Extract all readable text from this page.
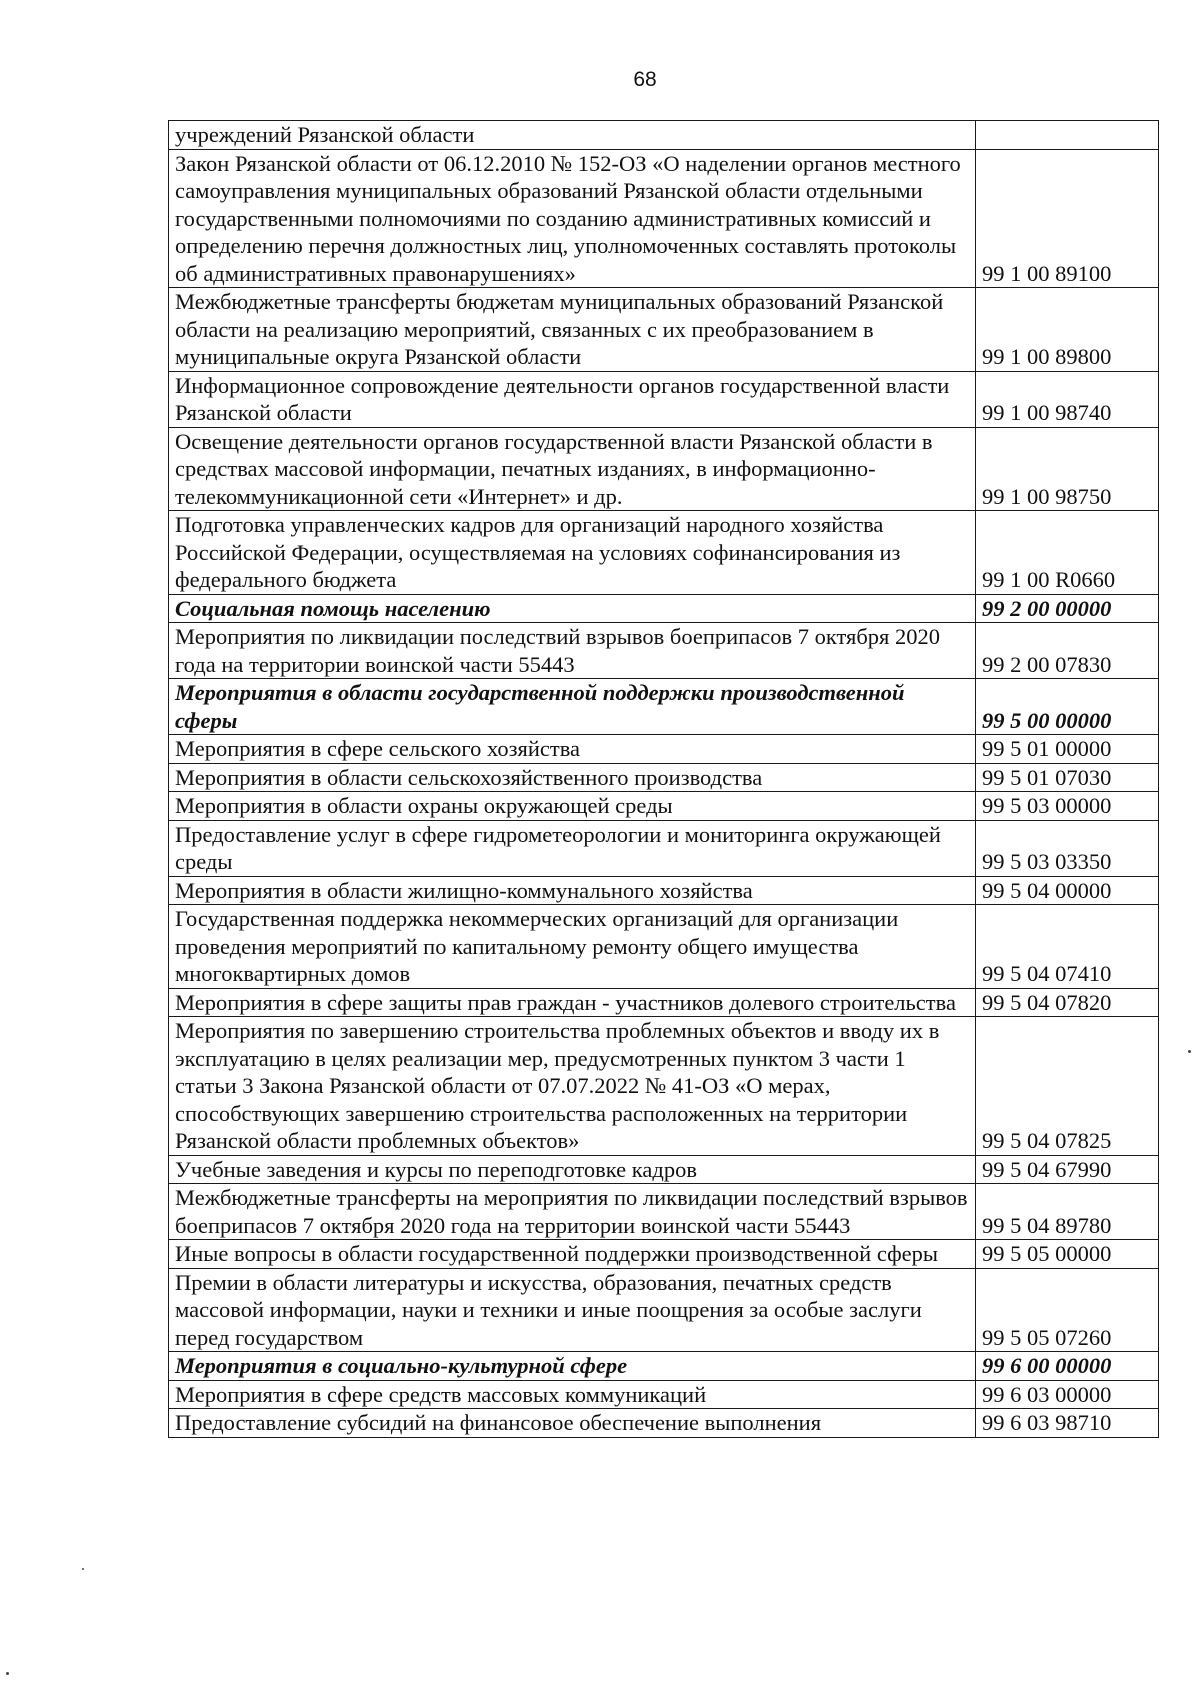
68
учреждений Рязанской области	
Закон Рязанской области от 06.12.2010 № 152-ОЗ «О наделении органов местного самоуправления муниципальных образований Рязанской области отдельными государственными полномочиями по созданию административных комиссий и определению перечня должностных лиц, уполномоченных составлять протоколы об административных правонарушениях»	99 1 00 89100
Межбюджетные трансферты бюджетам муниципальных образований Рязанской области на реализацию мероприятий, связанных с их преобразованием в муниципальные округа Рязанской области	99 1 00 89800
Информационное сопровождение деятельности органов государственной власти Рязанской области	99 1 00 98740
Освещение деятельности органов государственной власти Рязанской области в средствах массовой информации, печатных изданиях, в информационно-телекоммуникационной сети «Интернет» и др.	99 1 00 98750
Подготовка управленческих кадров для организаций народного хозяйства Российской Федерации, осуществляемая на условиях софинансирования из федерального бюджета	99 1 00 R0660
Социальная помощь населению	99 2 00 00000
Мероприятия по ликвидации последствий взрывов боеприпасов 7 октября 2020 года на территории воинской части 55443	99 2 00 07830
Мероприятия в области государственной поддержки производственной сферы	99 5 00 00000
Мероприятия в сфере сельского хозяйства	99 5 01 00000
Мероприятия в области сельскохозяйственного производства	99 5 01 07030
Мероприятия в области охраны окружающей среды	99 5 03 00000
Предоставление услуг в сфере гидрометеорологии и мониторинга окружающей среды	99 5 03 03350
Мероприятия в области жилищно-коммунального хозяйства	99 5 04 00000
Государственная поддержка некоммерческих организаций для организации проведения мероприятий по капитальному ремонту общего имущества многоквартирных домов	99 5 04 07410
Мероприятия в сфере защиты прав граждан - участников долевого строительства	99 5 04 07820
Мероприятия по завершению строительства проблемных объектов и вводу их в эксплуатацию в целях реализации мер, предусмотренных пунктом 3 части 1 статьи 3 Закона Рязанской области от 07.07.2022 № 41-ОЗ «О мерах, способствующих завершению строительства расположенных на территории Рязанской области проблемных объектов»	99 5 04 07825
Учебные заведения и курсы по переподготовке кадров	99 5 04 67990
Межбюджетные трансферты на мероприятия по ликвидации последствий взрывов боеприпасов 7 октября 2020 года на территории воинской части 55443	99 5 04 89780
Иные вопросы в области государственной поддержки производственной сферы	99 5 05 00000
Премии в области литературы и искусства, образования, печатных средств массовой информации, науки и техники и иные поощрения за особые заслуги перед государством	99 5 05 07260
Мероприятия в социально-культурной сфере	99 6 00 00000
Мероприятия в сфере средств массовых коммуникаций	99 6 03 00000
Предоставление субсидий на финансовое обеспечение выполнения	99 6 03 98710
